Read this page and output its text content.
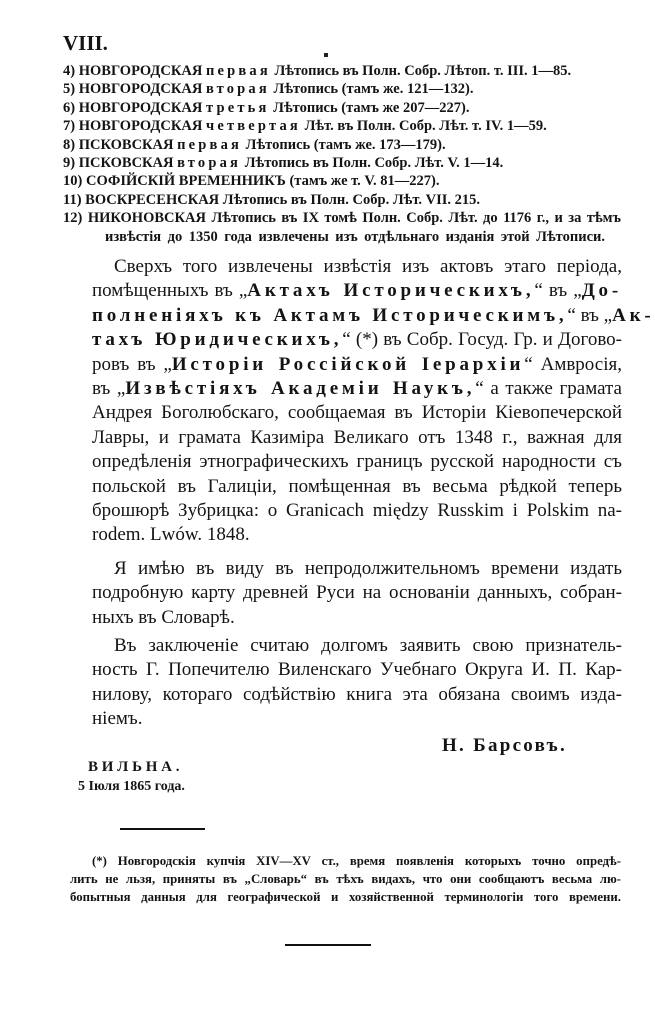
VIII.
4) НОВГОРОДСКАЯ первая Лѣтопись въ Полн. Собр. Лѣтоп. т. III. 1—85.
5) НОВГОРОДСКАЯ вторая Лѣтопись (тамъ же. 121—132).
6) НОВГОРОДСКАЯ третья Лѣтопись (тамъ же 207—227).
7) НОВГОРОДСКАЯ четвертая Лѣт. въ Полн. Собр. Лѣт. т. IV. 1—59.
8) ПСКОВСКАЯ первая Лѣтопись (тамъ же. 173—179).
9) ПСКОВСКАЯ вторая Лѣтопись въ Полн. Собр. Лѣт. V. 1—14.
10) СОФІЙСКІЙ ВРЕМЕННИКЪ (тамъ же т. V. 81—227).
11) ВОСКРЕСЕНСКАЯ Лѣтопись въ Полн. Собр. Лѣт. VII. 215.
12) НИКОНОВСКАЯ Лѣтопись въ IX томѣ Полн. Собр. Лѣт. до 1176 г., и за тѣмъ
извѣстія до 1350 года извлечены изъ отдѣльнаго изданія этой Лѣтописи.
Сверхъ того извлечены извѣстія изъ актовъ этаго періода,
помѣщенныхъ въ „Актахъ Историческихъ,“ въ „До-
полненіяхъ къ Актамъ Историческимъ,“ въ „Ак-
тахъ Юридическихъ,“ (*) въ Собр. Госуд. Гр. и Догово-
ровъ въ „Исторіи Россійской Іерархіи“ Амвросія,
въ „Извѣстіяхъ Академіи Наукъ,“ а также грамата
Андрея Боголюбскаго, сообщаемая въ Исторіи Кіевопечерской
Лавры, и грамата Казиміра Великаго отъ 1348 г., важная для
опредѣленія этнографическихъ границъ русской народности съ
польской въ Галиціи, помѣщенная въ весьма рѣдкой теперь
брошюрѣ Зубрицка: о Granicach między Russkim i Polskim na-
rodem. Lwów. 1848.
Я имѣю въ виду въ непродолжительномъ времени издать
подробную карту древней Руси на основаніи данныхъ, собран-
ныхъ въ Словарѣ.
Въ заключеніе считаю долгомъ заявить свою признатель-
ность Г. Попечителю Виленскаго Учебнаго Округа И. П. Кар-
нилову, котораго содѣйствію книга эта обязана своимъ изда-
ніемъ.
Н. Барсовъ.
ВИЛЬНА.
5 Іюля 1865 года.
(*) Новгородскія купчія XIV—XV ст., время появленія которыхъ точно опредѣ-
лить не льзя, приняты въ „Словарь“ въ тѣхъ видахъ, что они сообщаютъ весьма лю-
бопытныя данныя для географической и хозяйственной терминологіи того времени.
